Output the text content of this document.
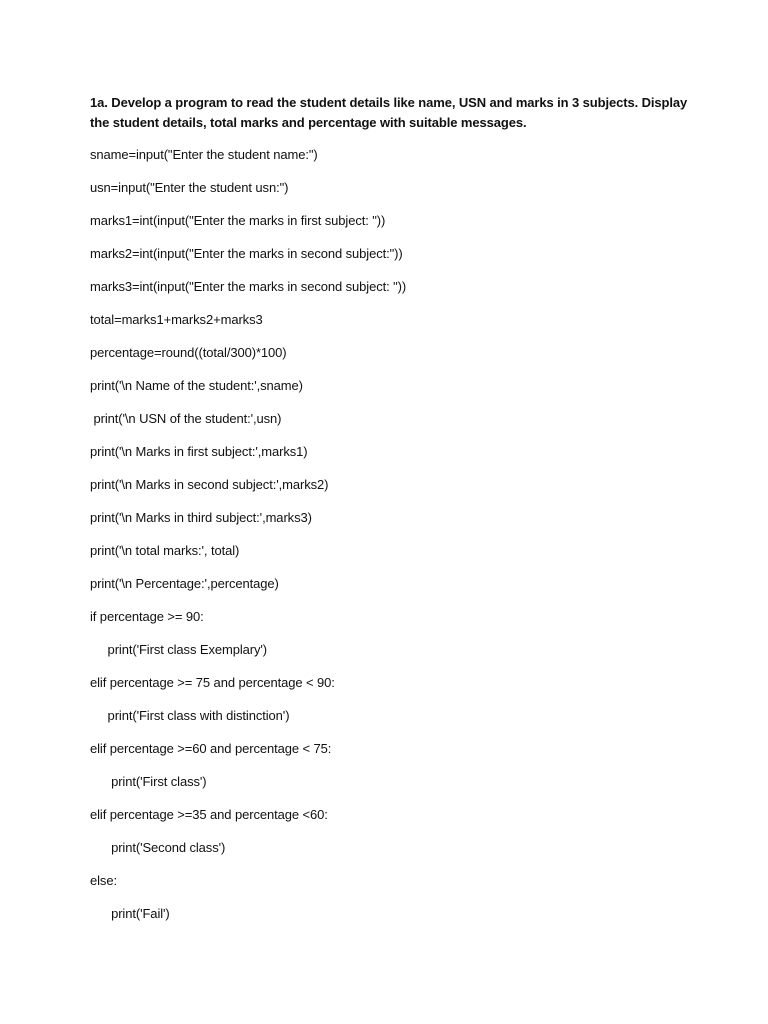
1a. Develop a program to read the student details like name, USN and marks in 3 subjects. Display the student details, total marks and percentage with suitable messages.
sname=input("Enter the student name:")
usn=input("Enter the student usn:")
marks1=int(input("Enter the marks in first subject: "))
marks2=int(input("Enter the marks in second subject:"))
marks3=int(input("Enter the marks in second subject: "))
total=marks1+marks2+marks3
percentage=round((total/300)*100)
print('\n Name of the student:',sname)
print('\n USN of the student:',usn)
print('\n Marks in first subject:',marks1)
print('\n Marks in second subject:',marks2)
print('\n Marks in third subject:',marks3)
print('\n total marks:', total)
print('\n Percentage:',percentage)
if percentage >= 90:
print('First class Exemplary')
elif percentage >= 75 and percentage < 90:
print('First class with distinction')
elif percentage >=60 and percentage < 75:
print('First class')
elif percentage >=35 and percentage <60:
print('Second class')
else:
print('Fail')
